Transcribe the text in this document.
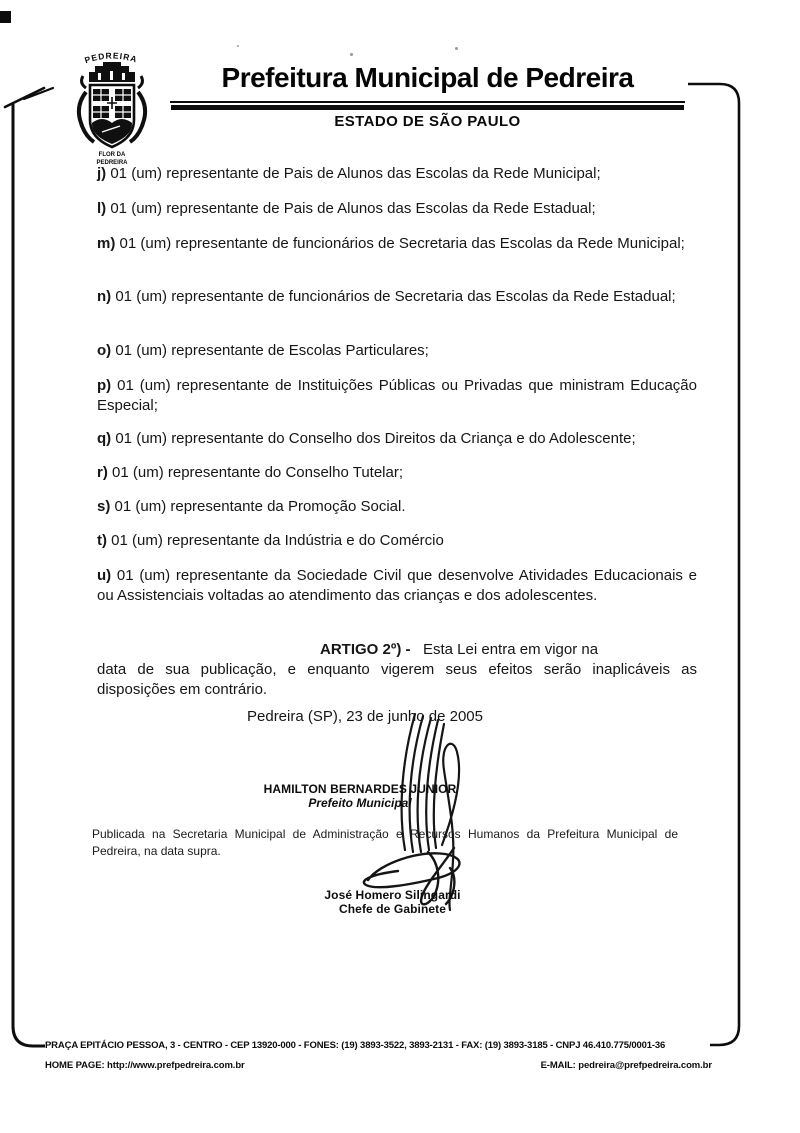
PEDREIRA
FLOR DA
PEDREIRA
Prefeitura Municipal de Pedreira
ESTADO DE SÃO PAULO

j) 01 (um) representante de Pais de Alunos das Escolas da Rede Municipal;

l) 01 (um) representante de Pais de Alunos das Escolas da Rede Estadual;

m) 01 (um) representante de funcionários de Secretaria das Escolas da Rede Municipal;

n) 01 (um) representante de funcionários de Secretaria das Escolas da Rede Estadual;

o) 01 (um) representante de Escolas Particulares;

p) 01 (um) representante de Instituições Públicas ou Privadas que ministram Educação Especial;

q) 01 (um) representante do Conselho dos Direitos da Criança e do Adolescente;

r) 01 (um) representante do Conselho Tutelar;

s) 01 (um) representante da Promoção Social.

t) 01 (um) representante da Indústria e do Comércio

u) 01 (um) representante da Sociedade Civil que desenvolve Atividades Educacionais e ou Assistenciais voltadas ao atendimento das crianças e dos adolescentes.

ARTIGO 2º) - Esta Lei entra em vigor na
data de sua publicação, e enquanto vigerem seus efeitos serão inaplicáveis as disposições em contrário.

Pedreira (SP), 23 de junho de 2005

HAMILTON BERNARDES JUNIOR
Prefeito Municipal

Publicada na Secretaria Municipal de Administração e Recursos Humanos da Prefeitura Municipal de Pedreira, na data supra.

José Homero Silingardi
Chefe de Gabinete
PRAÇA EPITÁCIO PESSOA, 3 - CENTRO - CEP 13920-000 - FONES: (19) 3893-3522, 3893-2131 - FAX: (19) 3893-3185 - CNPJ 46.410.775/0001-36
HOME PAGE: http://www.prefpedreira.com.br	E-MAIL: pedreira@prefpedreira.com.br
